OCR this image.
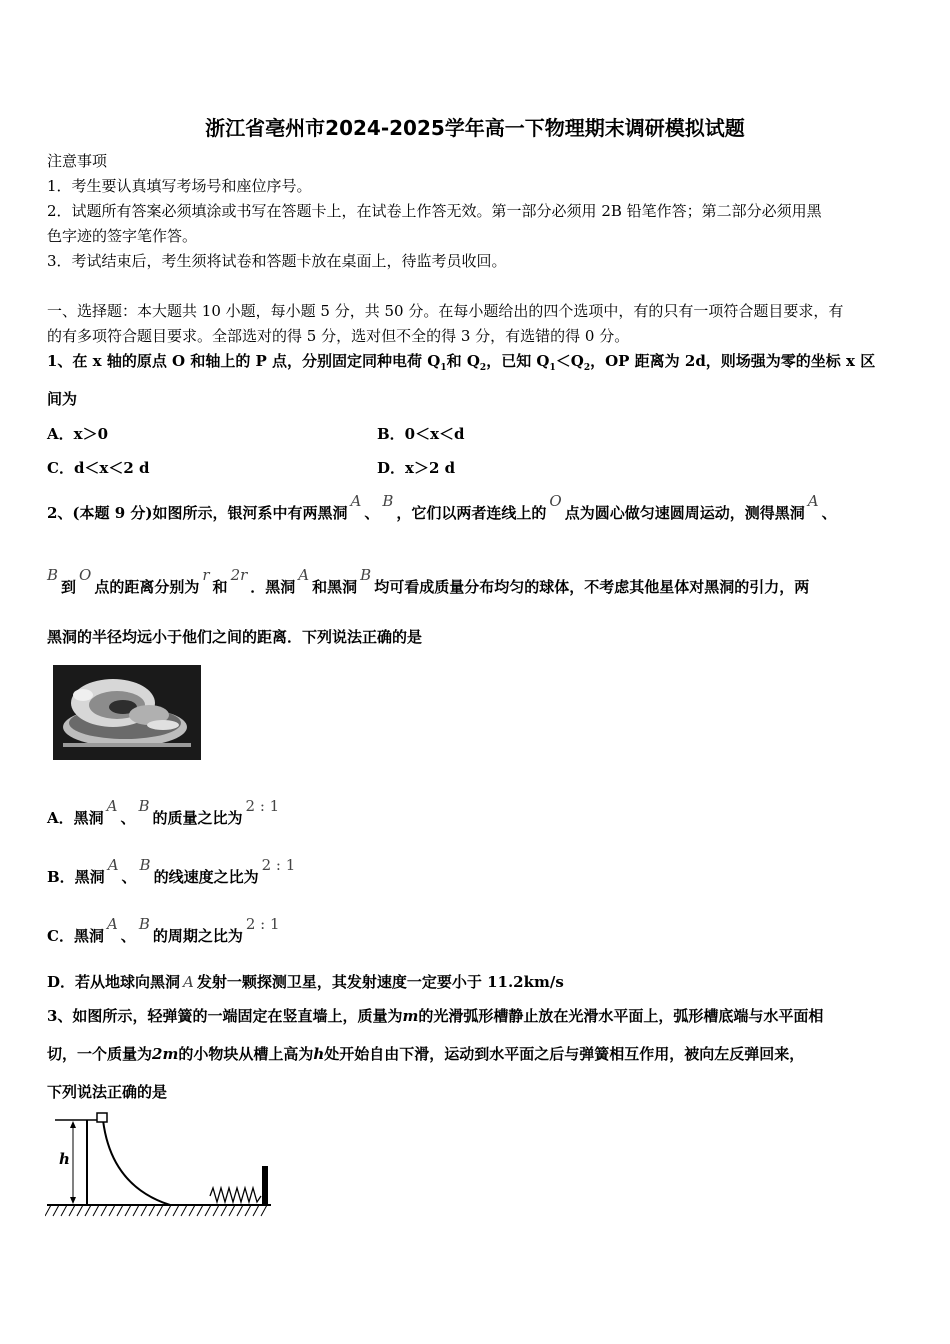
浙江省亳州市2024-2025学年高一下物理期末调研模拟试题
注意事项
1．考生要认真填写考场号和座位序号。
2．试题所有答案必须填涂或书写在答题卡上，在试卷上作答无效。第一部分必须用 2B 铅笔作答；第二部分必须用黑
色字迹的签字笔作答。
3．考试结束后，考生须将试卷和答题卡放在桌面上，待监考员收回。
一、选择题：本大题共 10 小题，每小题 5 分，共 50 分。在每小题给出的四个选项中，有的只有一项符合题目要求，有
的有多项符合题目要求。全部选对的得 5 分，选对但不全的得 3 分，有选错的得 0 分。
1、在 x 轴的原点 O 和轴上的 P 点，分别固定同种电荷 $Q_1$和 $Q_2$，已知 $Q_1<Q_2$，OP 距离为 2d，则场强为零的坐标 x 区
间为
A．x＞0	B．0＜x＜d
C．d＜x＜2 d	D．x＞2 d
2、(本题 9 分)如图所示，银河系中有两黑洞A、B，它们以两者连线上的O点为圆心做匀速圆周运动，测得黑洞A、
B到O点的距离分别为r和2r．黑洞A和黑洞B均可看成质量分布均匀的球体，不考虑其他星体对黑洞的引力，两
黑洞的半径均远小于他们之间的距离．下列说法正确的是
A．黑洞A、B的质量之比为2 : 1
B．黑洞A、B的线速度之比为2 : 1
C．黑洞A、B的周期之比为2 : 1
D．若从地球向黑洞 A 发射一颗探测卫星，其发射速度一定要小于 11.2km/s
3、如图所示，轻弹簧的一端固定在竖直墙上，质量为m的光滑弧形槽静止放在光滑水平面上，弧形槽底端与水平面相
切，一个质量为2m的小物块从槽上高为h处开始自由下滑，运动到水平面之后与弹簧相互作用，被向左反弹回来，
下列说法正确的是
h
